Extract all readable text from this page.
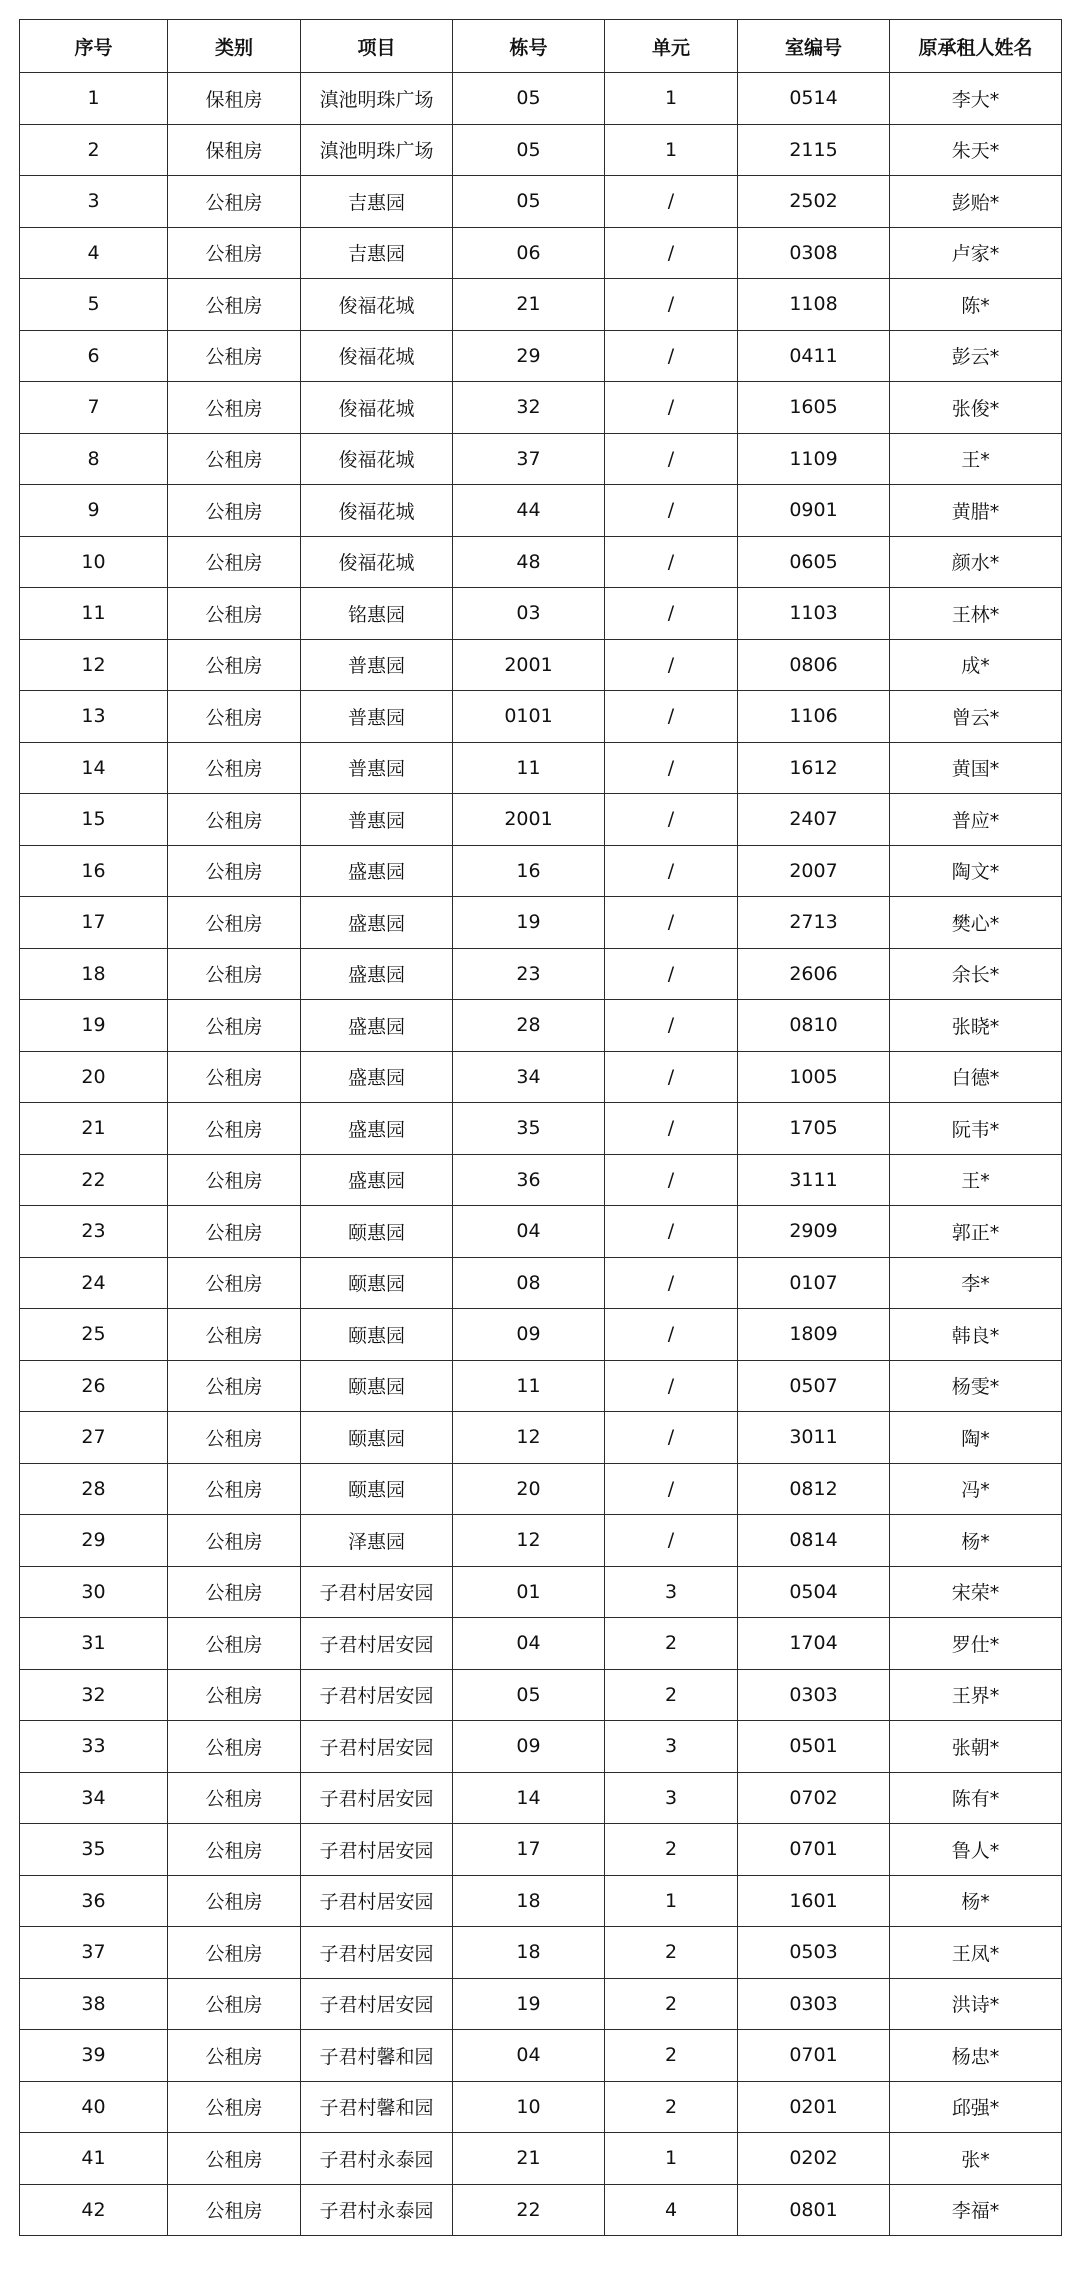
序号	类别	项目	栋号	单元	室编号	原承租人姓名
1	保租房	滇池明珠广场	05	1	0514	李大*
2	保租房	滇池明珠广场	05	1	2115	朱天*
3	公租房	吉惠园	05	/	2502	彭贻*
4	公租房	吉惠园	06	/	0308	卢家*
5	公租房	俊福花城	21	/	1108	陈*
6	公租房	俊福花城	29	/	0411	彭云*
7	公租房	俊福花城	32	/	1605	张俊*
8	公租房	俊福花城	37	/	1109	王*
9	公租房	俊福花城	44	/	0901	黄腊*
10	公租房	俊福花城	48	/	0605	颜水*
11	公租房	铭惠园	03	/	1103	王林*
12	公租房	普惠园	2001	/	0806	成*
13	公租房	普惠园	0101	/	1106	曾云*
14	公租房	普惠园	11	/	1612	黄国*
15	公租房	普惠园	2001	/	2407	普应*
16	公租房	盛惠园	16	/	2007	陶文*
17	公租房	盛惠园	19	/	2713	樊心*
18	公租房	盛惠园	23	/	2606	余长*
19	公租房	盛惠园	28	/	0810	张晓*
20	公租房	盛惠园	34	/	1005	白德*
21	公租房	盛惠园	35	/	1705	阮韦*
22	公租房	盛惠园	36	/	3111	王*
23	公租房	颐惠园	04	/	2909	郭正*
24	公租房	颐惠园	08	/	0107	李*
25	公租房	颐惠园	09	/	1809	韩良*
26	公租房	颐惠园	11	/	0507	杨雯*
27	公租房	颐惠园	12	/	3011	陶*
28	公租房	颐惠园	20	/	0812	冯*
29	公租房	泽惠园	12	/	0814	杨*
30	公租房	子君村居安园	01	3	0504	宋荣*
31	公租房	子君村居安园	04	2	1704	罗仕*
32	公租房	子君村居安园	05	2	0303	王界*
33	公租房	子君村居安园	09	3	0501	张朝*
34	公租房	子君村居安园	14	3	0702	陈有*
35	公租房	子君村居安园	17	2	0701	鲁人*
36	公租房	子君村居安园	18	1	1601	杨*
37	公租房	子君村居安园	18	2	0503	王凤*
38	公租房	子君村居安园	19	2	0303	洪诗*
39	公租房	子君村馨和园	04	2	0701	杨忠*
40	公租房	子君村馨和园	10	2	0201	邱强*
41	公租房	子君村永泰园	21	1	0202	张*
42	公租房	子君村永泰园	22	4	0801	李福*
